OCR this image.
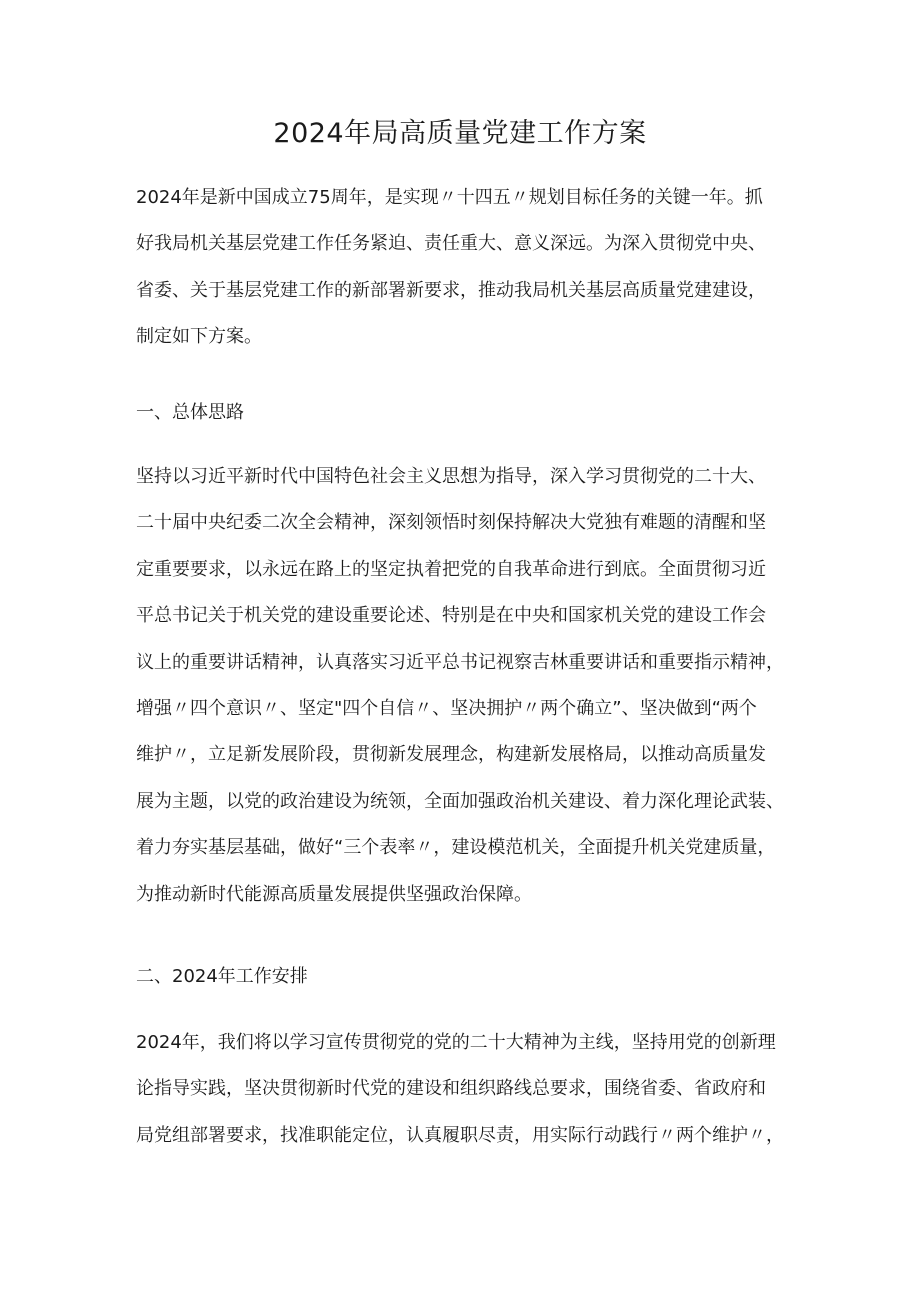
2024年局高质量党建工作方案

2024年是新中国成立75周年，是实现〃十四五〃规划目标任务的关键一年。抓

好我局机关基层党建工作任务紧迫、责任重大、意义深远。为深入贯彻党中央、

省委、关于基层党建工作的新部署新要求，推动我局机关基层高质量党建建设，

制定如下方案。

一、总体思路

坚持以习近平新时代中国特色社会主义思想为指导，深入学习贯彻党的二十大、

二十届中央纪委二次全会精神，深刻领悟时刻保持解决大党独有难题的清醒和坚

定重要要求，以永远在路上的坚定执着把党的自我革命进行到底。全面贯彻习近

平总书记关于机关党的建设重要论述、特别是在中央和国家机关党的建设工作会

议上的重要讲话精神，认真落实习近平总书记视察吉林重要讲话和重要指示精神，

增强〃四个意识〃、坚定"四个自信〃、坚决拥护〃两个确立”、坚决做到“两个

维护〃，立足新发展阶段，贯彻新发展理念，构建新发展格局，以推动高质量发

展为主题，以党的政治建设为统领，全面加强政治机关建设、着力深化理论武装、

着力夯实基层基础，做好“三个表率〃，建设模范机关，全面提升机关党建质量，

为推动新时代能源高质量发展提供坚强政治保障。

二、2024年工作安排

2024年，我们将以学习宣传贯彻党的党的二十大精神为主线，坚持用党的创新理

论指导实践，坚决贯彻新时代党的建设和组织路线总要求，围绕省委、省政府和

局党组部署要求，找准职能定位，认真履职尽责，用实际行动践行〃两个维护〃，
